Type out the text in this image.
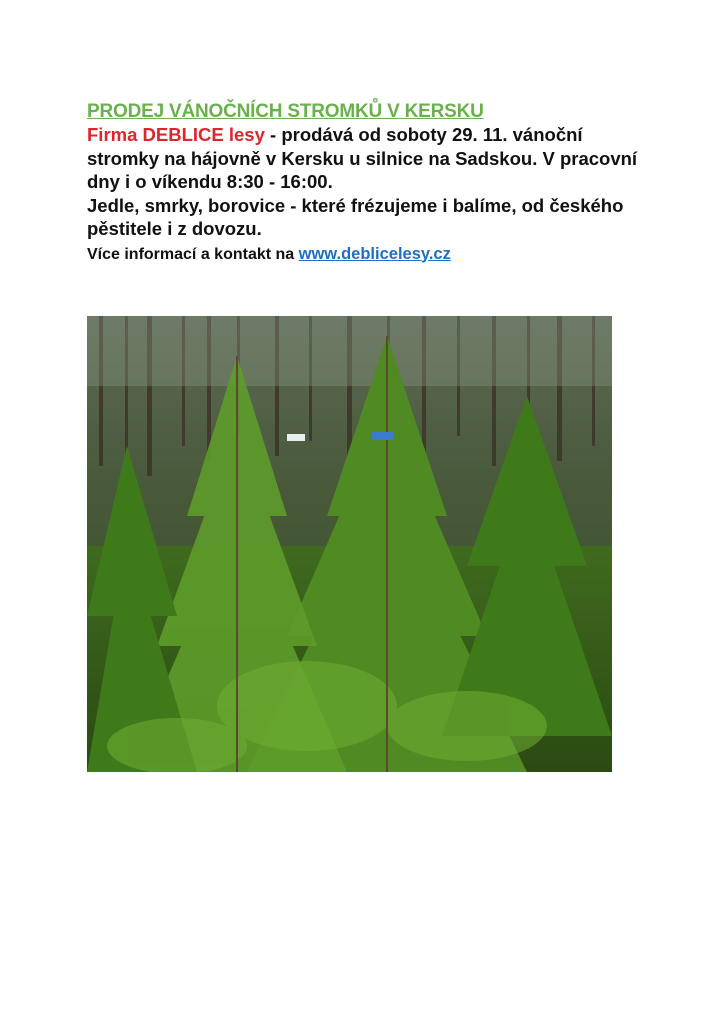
PRODEJ VÁNOČNÍCH STROMKŮ V KERSKU

Firma DEBLICE lesy - prodává od soboty 29. 11. vánoční stromky na hájovně v Kersku u silnice na Sadskou. V pracovní dny i o víkendu 8:30 - 16:00.

Jedle, smrky, borovice - které frézujeme i balíme, od českého pěstitele i z dovozu.

Více informací a kontakt na www.deblicelesy.cz
